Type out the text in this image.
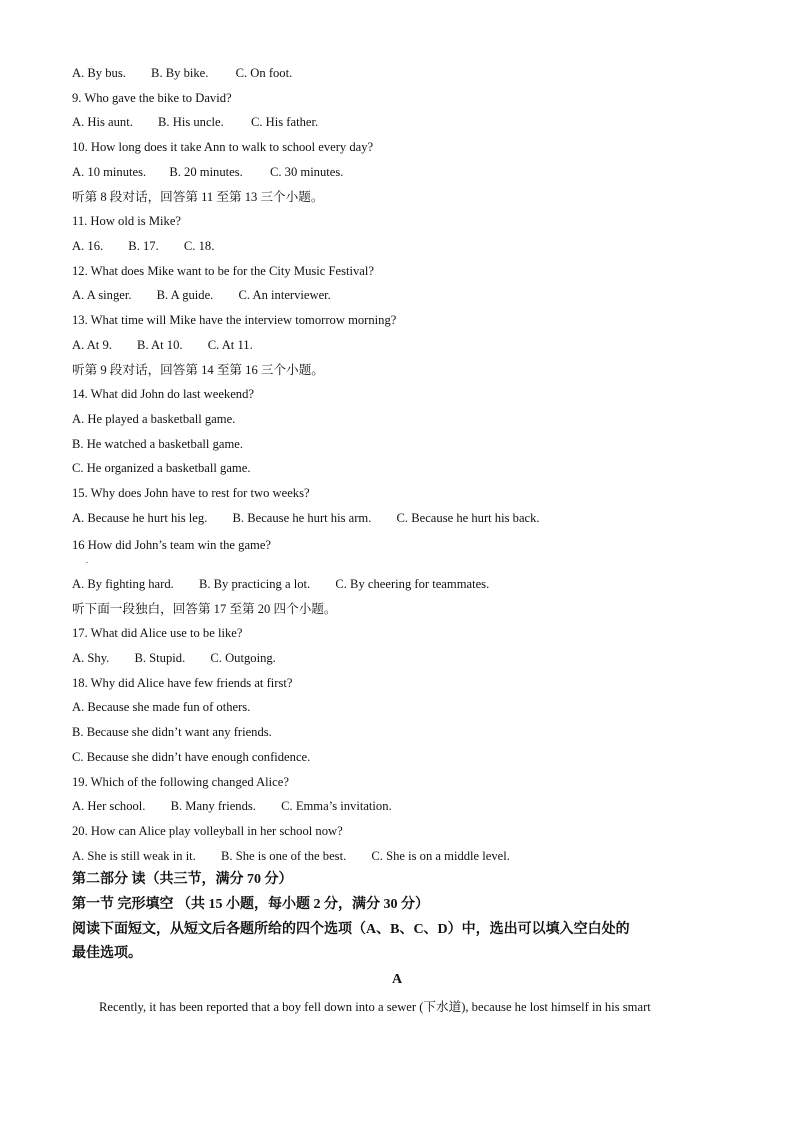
A. By bus. B. By bike. C. On foot.
9. Who gave the bike to David?
A. His aunt. B. His uncle. C. His father.
10. How long does it take Ann to walk to school every day?
A. 10 minutes. B. 20 minutes. C. 30 minutes.
听第 8 段对话，回答第 11 至第 13 三个小题。
11. How old is Mike?
A. 16. B. 17. C. 18.
12. What does Mike want to be for the City Music Festival?
A. A singer. B. A guide. C. An interviewer.
13. What time will Mike have the interview tomorrow morning?
A. At 9. B. At 10. C. At 11.
听第 9 段对话，回答第 14 至第 16 三个小题。
14. What did John do last weekend?
A. He played a basketball game.
B. He watched a basketball game.
C. He organized a basketball game.
15. Why does John have to rest for two weeks?
A. Because he hurt his leg. B. Because he hurt his arm. C. Because he hurt his back.
16 How did John’s team win the game?
.
A. By fighting hard. B. By practicing a lot. C. By cheering for teammates.
听下面一段独白，回答第 17 至第 20 四个小题。
17. What did Alice use to be like?
A. Shy. B. Stupid. C. Outgoing.
18. Why did Alice have few friends at first?
A. Because she made fun of others.
B. Because she didn’t want any friends.
C. Because she didn’t have enough confidence.
19. Which of the following changed Alice?
A. Her school. B. Many friends. C. Emma’s invitation.
20. How can Alice play volleyball in her school now?
A. She is still weak in it. B. She is one of the best. C. She is on a middle level.
第二部分 读（共三节，满分 70 分）
第一节 完形填空 （共 15 小题，每小题 2 分，满分 30 分）
阅读下面短文，从短文后各题所给的四个选项（A、B、C、D）中，选出可以填入空白处的
最佳选项。
A
Recently, it has been reported that a boy fell down into a sewer (下水道), because he lost himself in his smart
